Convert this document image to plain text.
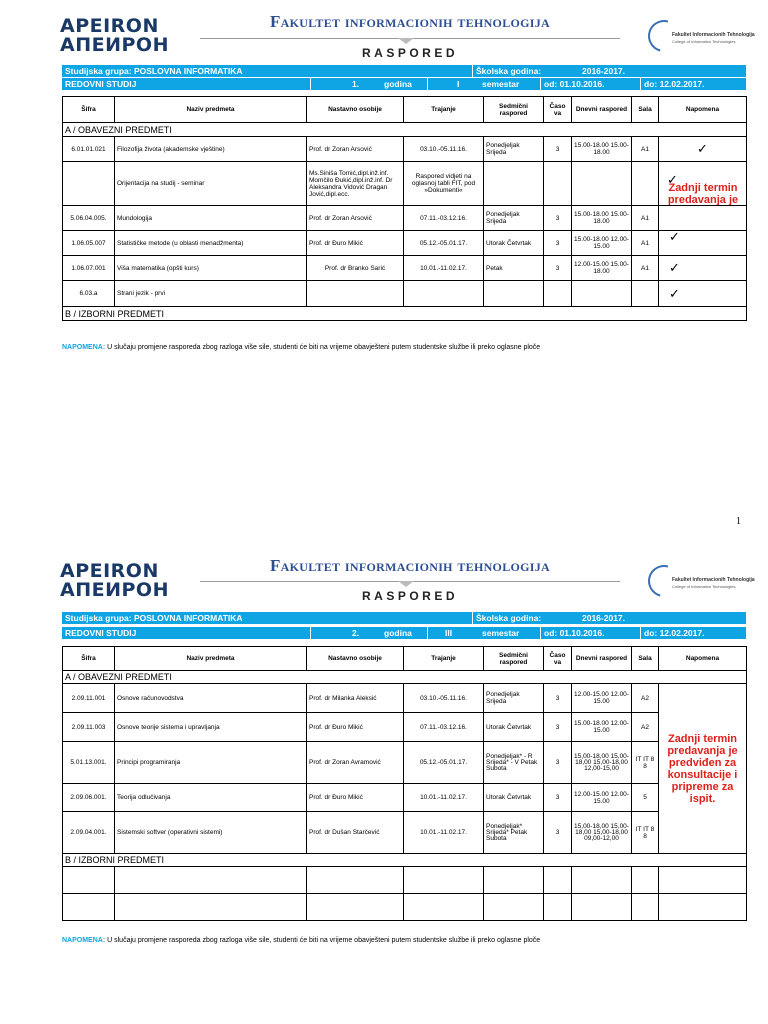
APEIRON
АПЕИРОН
Fakultet informacionih tehnologija
RASPORED
Fakultet Informacionih Tehnologija
College of Information Technologies
Studijska grupa: POSLOVNA INFORMATIKA	Školska godina:	2016-2017.
REDOVNI STUDIJ	1.	godina	I	semestar	od: 01.10.2016.	do: 12.02.2017.
Šifra	Naziv predmeta	Nastavno osobije	Trajanje	Sedmični raspored	Časo va	Dnevni raspored	Sala	Napomena
A / OBAVEZNI PREDMETI								
6.01.01.021	Filozofija života (akademske vještine)	Prof. dr Zoran Arsović	03.10.-05.11.16.	Ponedjeljak Srijeda	3	15.00-18.00 15.00-18.00	A1	✓
	Orijentacija na studij - seminar	Ms.Siniša Tomić,dipl.inž.inf. Momčilo Đukić,dipl.inž.inf. Dr Aleksandra Vidović Dragan Jović,dipl.ecc.	Raspored vidjeti na oglasnoj tabli FIT, pod »Dokumenti«					✓
Zadnji termin predavanja je

5.06.04.005.	Mundologija	Prof. dr Zoran Arsović	07.11.-03.12.16.	Ponedjeljak Srijeda	3	15.00-18.00 15.00-18.00	A1	
1.06.05.007	Statističke metode (u oblasti menadžmenta)	Prof. dr Đuro Mikić	05.12.-05.01.17.	Utorak Četvrtak	3	15.00-18.00 12.00-15.00	A1	✓
1.06.07.001	Viša matematika (opšti kurs)	Prof. dr Branko Sarić	10.01.-11.02.17.	Petak	3	12.00-15.00 15.00-18.00	A1	✓
6.03.a	Strani jezik - prvi							✓
B / IZBORNI PREDMETI								
NAPOMENA: U slučaju promjene rasporeda zbog razloga više sile, studenti će biti na vrijeme obavješteni putem studentske službe ili preko oglasne ploče
1
APEIRON
АПЕИРОН
Fakultet informacionih tehnologija
RASPORED
Fakultet Informacionih Tehnologija
College of Information Technologies
Studijska grupa: POSLOVNA INFORMATIKA	Školska godina:	2016-2017.
REDOVNI STUDIJ	2.	godina	III	semestar	od: 01.10.2016.	do: 12.02.2017.
Šifra	Naziv predmeta	Nastavno osobije	Trajanje	Sedmični raspored	Časo va	Dnevni raspored	Sala	Napomena
A / OBAVEZNI PREDMETI								
2.09.11.001	Osnove računovodstva	Prof. dr Milanka Aleksić	03.10.-05.11.16.	Ponedjeljak Srijeda	3	12.00-15.00 12.00-15.00	A2	Zadnji termin predavanja je predviđen za konsultacije i pripreme za ispit.

2.09.11.003	Osnove teorije sistema i upravljanja	Prof. dr Đuro Mikić	07.11.-03.12.16.	Utorak Četvrtak	3	15.00-18.00 12.00-15.00	A2	
5.01.13.001.	Principi programiranja	Prof. dr Zoran Avramović	05.12.-05.01.17.	Ponedjeljak* - R Srijeda* - V Petak Subota	3	15,00-18,00 15,00-18,00 15,00-18,00 12,00-15,00	IT IT 8 8	
2.09.06.001.	Teorija odlučivanja	Prof. dr Đuro Mikić	10.01.-11.02.17.	Utorak Četvrtak	3	12.00-15.00 12.00-15.00	5	
2.09.04.001.	Sistemski softver (operativni sistemi)	Prof. dr Dušan Starčević	10.01.-11.02.17.	Ponedjeljak* Srijeda* Petak Subota	3	15,00-18,00 15,00-18,00 15,00-18,00 09,00-12,00	IT IT 8 8	
B / IZBORNI PREDMETI								

NAPOMENA: U slučaju promjene rasporeda zbog razloga više sile, studenti će biti na vrijeme obavješteni putem studentske službe ili preko oglasne ploče
